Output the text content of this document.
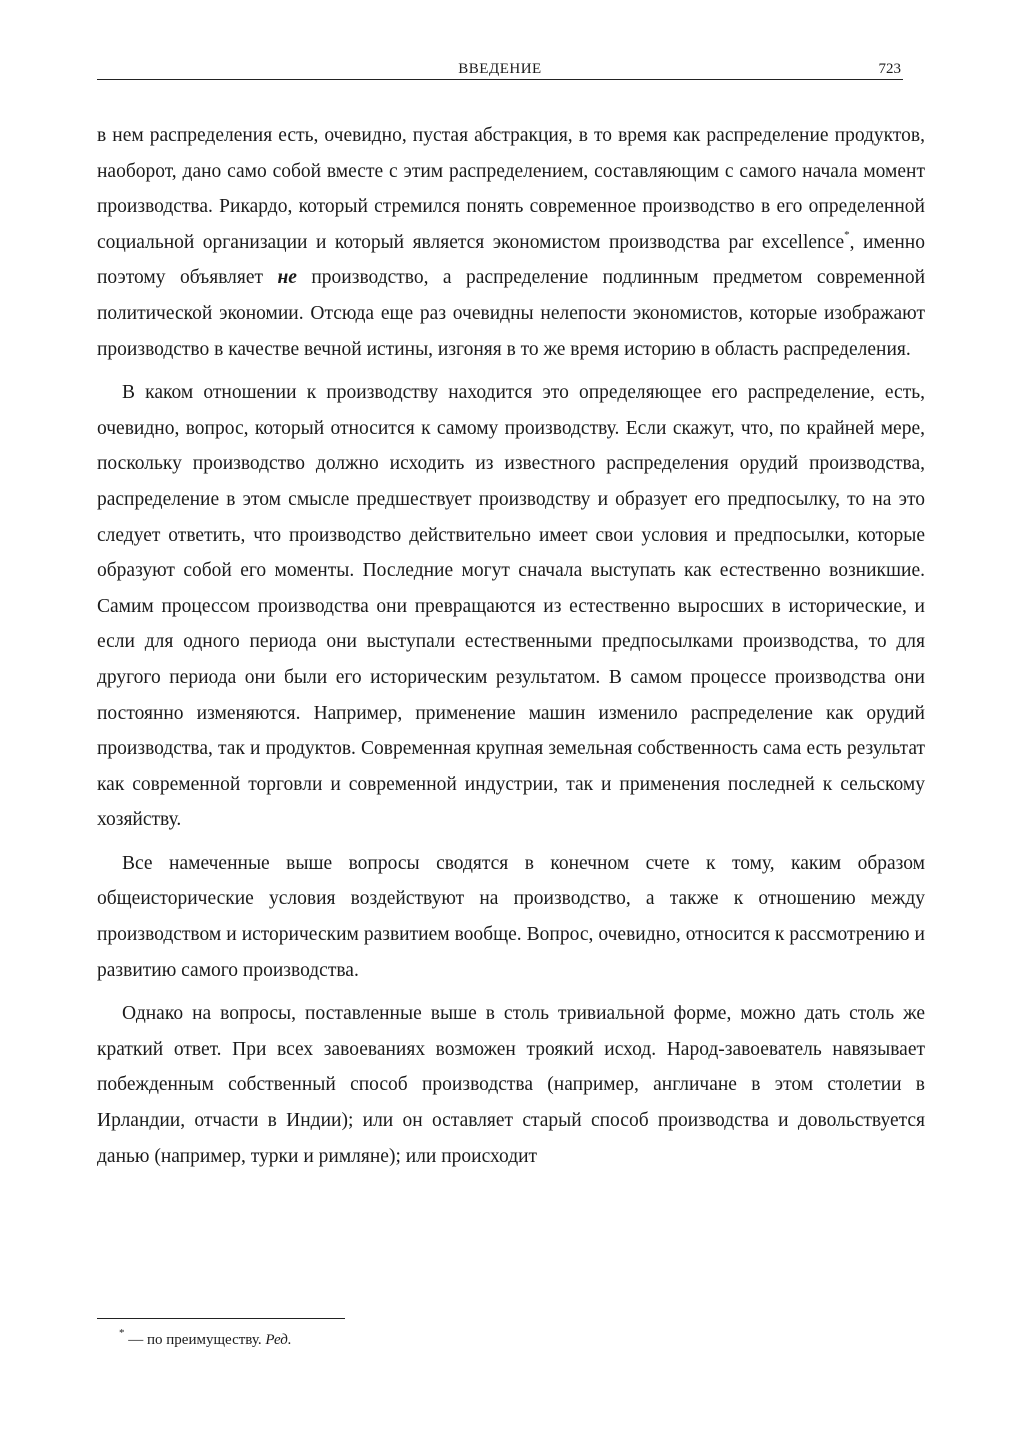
ВВЕДЕНИЕ	723

в нем распределения есть, очевидно, пустая абстракция, в то время как распределение продуктов, наоборот, дано само собой вместе с этим распределением, составляющим с самого начала момент производства. Рикардо, который стремился понять современное производство в его определенной социальной организации и который является экономистом производства par excellence*, именно поэтому объявляет не производство, а распределение подлинным предметом современной политической экономии. Отсюда еще раз очевидны нелепости экономистов, которые изображают производство в качестве вечной истины, изгоняя в то же время историю в область распределения.

В каком отношении к производству находится это определяющее его распределение, есть, очевидно, вопрос, который относится к самому производству. Если скажут, что, по крайней мере, поскольку производство должно исходить из известного распределения орудий производства, распределение в этом смысле предшествует производству и образует его предпосылку, то на это следует ответить, что производство действительно имеет свои условия и предпосылки, которые образуют собой его моменты. Последние могут сначала выступать как естественно возникшие. Самим процессом производства они превращаются из естественно выросших в исторические, и если для одного периода они выступали естественными предпосылками производства, то для другого периода они были его историческим результатом. В самом процессе производства они постоянно изменяются. Например, применение машин изменило распределение как орудий производства, так и продуктов. Современная крупная земельная собственность сама есть результат как современной торговли и современной индустрии, так и применения последней к сельскому хозяйству.

Все намеченные выше вопросы сводятся в конечном счете к тому, каким образом общеисторические условия воздействуют на производство, а также к отношению между производством и историческим развитием вообще. Вопрос, очевидно, относится к рассмотрению и развитию самого производства.

Однако на вопросы, поставленные выше в столь тривиальной форме, можно дать столь же краткий ответ. При всех завоеваниях возможен троякий исход. Народ-завоеватель навязывает побежденным собственный способ производства (например, англичане в этом столетии в Ирландии, отчасти в Индии); или он оставляет старый способ производства и довольствуется данью (например, турки и римляне); или происходит

* — по преимуществу. Ред.
